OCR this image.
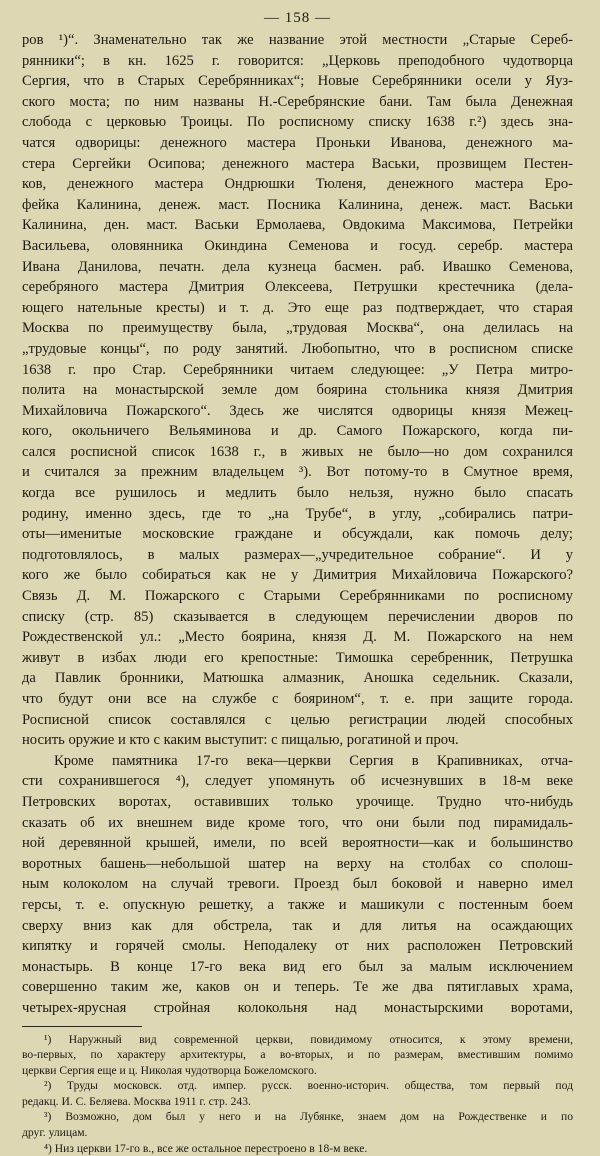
— 158 —
ров ¹)“. Знаменательно так же название этой местности „Старые Сереб-
рянники“; в кн. 1625 г. говорится: „Церковь преподобного чудотворца
Сергия, что в Старых Серебрянниках“; Новые Серебрянники осели у Яуз-
ского моста; по ним названы Н.-Серебрянские бани. Там была Денежная
слобода с церковью Троицы. По росписному списку 1638 г.²) здесь зна-
чатся одворицы: денежного мастера Проньки Иванова, денежного ма-
стера Сергейки Осипова; денежного мастера Васьки, прозвищем Пестен-
ков, денежного мастера Ондрюшки Тюленя, денежного мастера Еро-
фейка Калинина, денеж. маст. Посника Калинина, денеж. маст. Васьки
Калинина, ден. маст. Васьки Ермолаева, Овдокима Максимова, Петрейки
Васильева, оловянника Окиндина Семенова и госуд. серебр. мастера
Ивана Данилова, печатн. дела кузнеца басмен. раб. Ивашко Семенова,
серебряного мастера Дмитрия Олексеева, Петрушки крестечника (дела-
ющего нательные кресты) и т. д. Это еще раз подтверждает, что старая
Москва по преимуществу была, „трудовая Москва“, она делилась на
„трудовые концы“, по роду занятий. Любопытно, что в росписном списке
1638 г. про Стар. Серебрянники читаем следующее: „У Петра митро-
полита на монастырской земле дом боярина стольника князя Дмитрия
Михайловича Пожарского“. Здесь же числятся одворицы князя Межец-
кого, окольничего Вельяминова и др. Самого Пожарского, когда пи-
сался росписной список 1638 г., в живых не было—но дом сохранился
и считался за прежним владельцем ³). Вот потому-то в Смутное время,
когда все рушилось и медлить было нельзя, нужно было спасать
родину, именно здесь, где то „на Трубе“, в углу, „собирались патри-
оты—именитые московские граждане и обсуждали, как помочь делу;
подготовлялось, в малых размерах—„учредительное собрание“. И у
кого же было собираться как не у Димитрия Михайловича Пожарского?
Связь Д. М. Пожарского с Старыми Серебрянниками по росписному
списку (стр. 85) сказывается в следующем перечислении дворов по
Рождественской ул.: „Место боярина, князя Д. М. Пожарского на нем
живут в избах люди его крепостные: Тимошка серебренник, Петрушка
да Павлик бронники, Матюшка алмазник, Аношка седельник. Сказали,
что будут они все на службе с боярином“, т. е. при защите города.
Росписной список составлялся с целью регистрации людей способных
носить оружие и кто с каким выступит: с пищалью, рогатиной и проч.
Кроме памятника 17-го века—церкви Сергия в Крапивниках, отча-
сти сохранившегося ⁴), следует упомянуть об исчезнувших в 18-м веке
Петровских воротах, оставивших только урочище. Трудно что-нибудь
сказать об их внешнем виде кроме того, что они были под пирамидаль-
ной деревянной крышей, имели, по всей вероятности—как и большинство
воротных башень—небольшой шатер на верху на столбах со сполош-
ным колоколом на случай тревоги. Проезд был боковой и наверно имел
герсы, т. е. опускную решетку, а также и машикули с постенным боем
сверху вниз как для обстрела, так и для литья на осаждающих
кипятку и горячей смолы. Неподалеку от них расположен Петровский
монастырь. В конце 17-го века вид его был за малым исключением
совершенно таким же, каков он и теперь. Те же два пятиглавых храма,
четырех-ярусная стройная колокольня над монастырскими воротами,
¹) Наружный вид современной церкви, повидимому относится, к этому времени,
во-первых, по характеру архитектуры, а во-вторых, и по размерам, вместившим помимо
церкви Сергия еще и ц. Николая чудотворца Божеломского.
²) Труды московск. отд. импер. русск. военно-историч. общества, том первый под
редакц. И. С. Беляева. Москва 1911 г. стр. 243.
³) Возможно, дом был у него и на Лубянке, знаем дом на Рождественке и по
друг. улицам.
⁴) Низ церкви 17-го в., все же остальное перестроено в 18-м веке.
